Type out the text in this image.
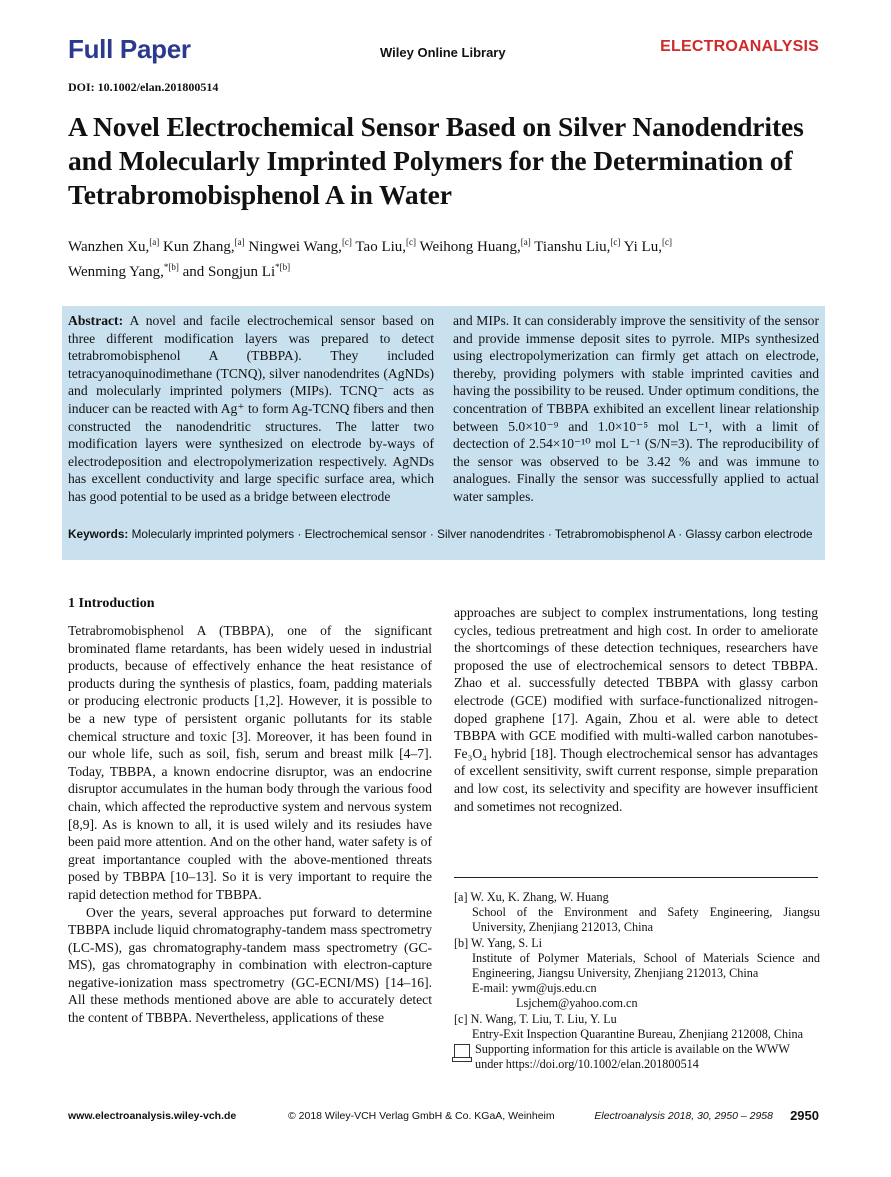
Full Paper	Wiley Online Library	ELECTROANALYSIS
DOI: 10.1002/elan.201800514
A Novel Electrochemical Sensor Based on Silver Nanodendrites and Molecularly Imprinted Polymers for the Determination of Tetrabromobisphenol A in Water
Wanzhen Xu,[a] Kun Zhang,[a] Ningwei Wang,[c] Tao Liu,[c] Weihong Huang,[a] Tianshu Liu,[c] Yi Lu,[c]
Wenming Yang,$^{*[b]}$ and Songjun $Li^{*[b]}$
Abstract: A novel and facile electrochemical sensor based on three different modification layers was prepared to detect tetrabromobisphenol A (TBBPA). They included tetracyanoquinodimethane (TCNQ), silver nanodendrites (AgNDs) and molecularly imprinted polymers (MIPs). TCNQ⁻ acts as inducer can be reacted with Ag⁺ to form Ag-TCNQ fibers and then constructed the nanodendritic structures. The latter two modification layers were synthesized on electrode by-ways of electrodeposition and electropolymerization respectively. AgNDs has excellent conductivity and large specific surface area, which has good potential to be used as a bridge between electrode
and MIPs. It can considerably improve the sensitivity of the sensor and provide immense deposit sites to pyrrole. MIPs synthesized using electropolymerization can firmly get attach on electrode, thereby, providing polymers with stable imprinted cavities and having the possibility to be reused. Under optimum conditions, the concentration of TBBPA exhibited an excellent linear relationship between 5.0×10⁻⁹ and 1.0×10⁻⁵ mol L⁻¹, with a limit of dectection of 2.54×10⁻¹⁰ mol L⁻¹ (S/N=3). The reproducibility of the sensor was observed to be 3.42 % and was immune to analogues. Finally the sensor was successfully applied to actual water samples.
Keywords: Molecularly imprinted polymers · Electrochemical sensor · Silver nanodendrites · Tetrabromobisphenol A · Glassy carbon electrode
1 Introduction

Tetrabromobisphenol A (TBBPA), one of the significant brominated flame retardants, has been widely uesed in industrial products, because of effectively enhance the heat resistance of products during the synthesis of plastics, foam, padding materials or producing electronic products [1,2]. However, it is possible to be a new type of persistent organic pollutants for its stable chemical structure and toxic [3]. Moreover, it has been found in our whole life, such as soil, fish, serum and breast milk [4–7]. Today, TBBPA, a known endocrine disruptor, was an endocrine disruptor accumulates in the human body through the various food chain, which affected the reproductive system and nervous system [8,9]. As is known to all, it is used wilely and its resiudes have been paid more attention. And on the other hand, water safety is of great importantance coupled with the above-mentioned threats posed by TBBPA [10–13]. So it is very important to require the rapid detection method for TBBPA.

Over the years, several approaches put forward to determine TBBPA include liquid chromatography-tandem mass spectrometry (LC-MS), gas chromatography-tandem mass spectrometry (GC-MS), gas chromatography in combination with electron-capture negative-ionization mass spectrometry (GC-ECNI/MS) [14–16]. All these methods mentioned above are able to accurately detect the content of TBBPA. Nevertheless, applications of these

approaches are subject to complex instrumentations, long testing cycles, tedious pretreatment and high cost. In order to ameliorate the shortcomings of these detection techniques, researchers have proposed the use of electrochemical sensors to detect TBBPA. Zhao et al. successfully detected TBBPA with glassy carbon electrode (GCE) modified with surface-functionalized nitrogen-doped graphene [17]. Again, Zhou et al. were able to detect TBBPA with GCE modified with multi-walled carbon nanotubes-Fe₃O₄ hybrid [18]. Though electrochemical sensor has advantages of excellent sensitivity, swift current response, simple preparation and low cost, its selectivity and specifity are however insufficient and sometimes not recognized.

[a] W. Xu, K. Zhang, W. Huang
School of the Environment and Safety Engineering, Jiangsu University, Zhenjiang 212013, China
[b] W. Yang, S. Li
Institute of Polymer Materials, School of Materials Science and Engineering, Jiangsu University, Zhenjiang 212013, China
E-mail: ywm@ujs.edu.cn
Lsjchem@yahoo.com.cn
[c] N. Wang, T. Liu, T. Liu, Y. Lu
Entry-Exit Inspection Quarantine Bureau, Zhenjiang 212008, China
Supporting information for this article is available on the WWW under https://doi.org/10.1002/elan.201800514
www.electroanalysis.wiley-vch.de	© 2018 Wiley-VCH Verlag GmbH & Co. KGaA, Weinheim	Electroanalysis 2018, 30, 2950 – 2958 2950
